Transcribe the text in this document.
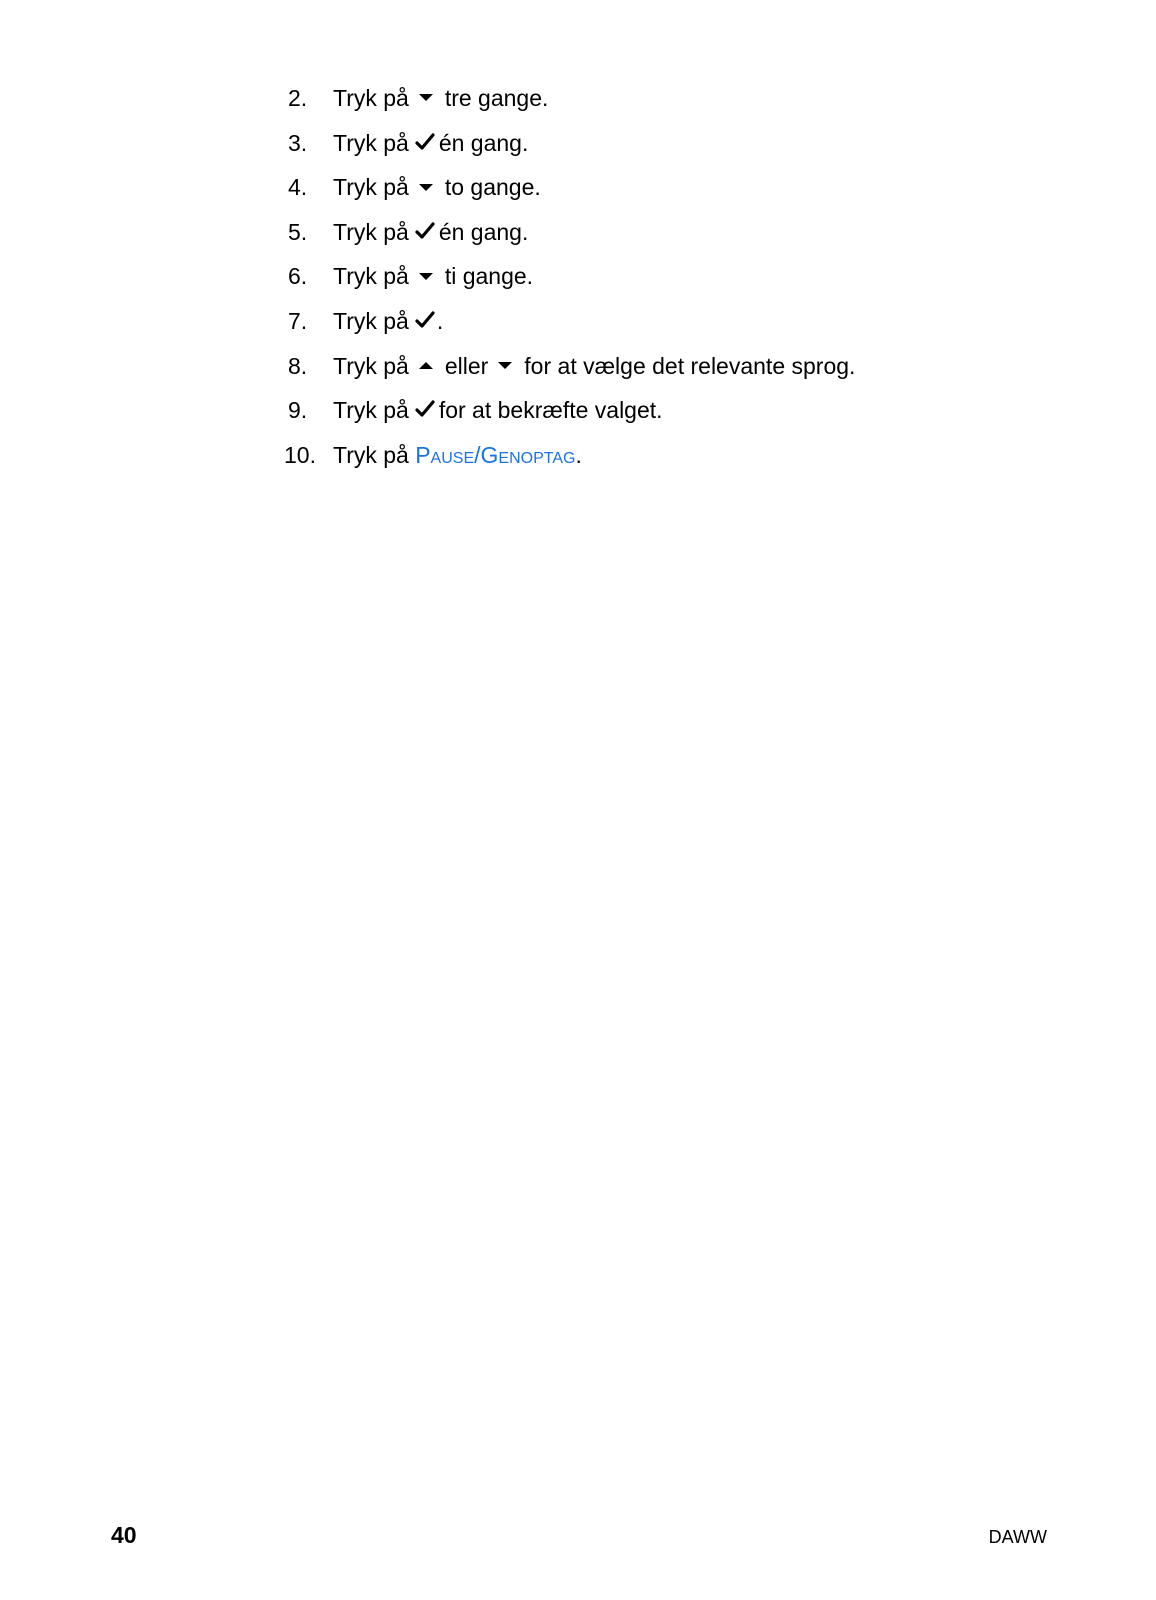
2. Tryk på tre gange.
3. Tryk på én gang.
4. Tryk på to gange.
5. Tryk på én gang.
6. Tryk på ti gange.
7. Tryk på .
8. Tryk på eller for at vælge det relevante sprog.
9. Tryk på for at bekræfte valget.
10. Tryk på Pause/Genoptag.
40	DAWW
